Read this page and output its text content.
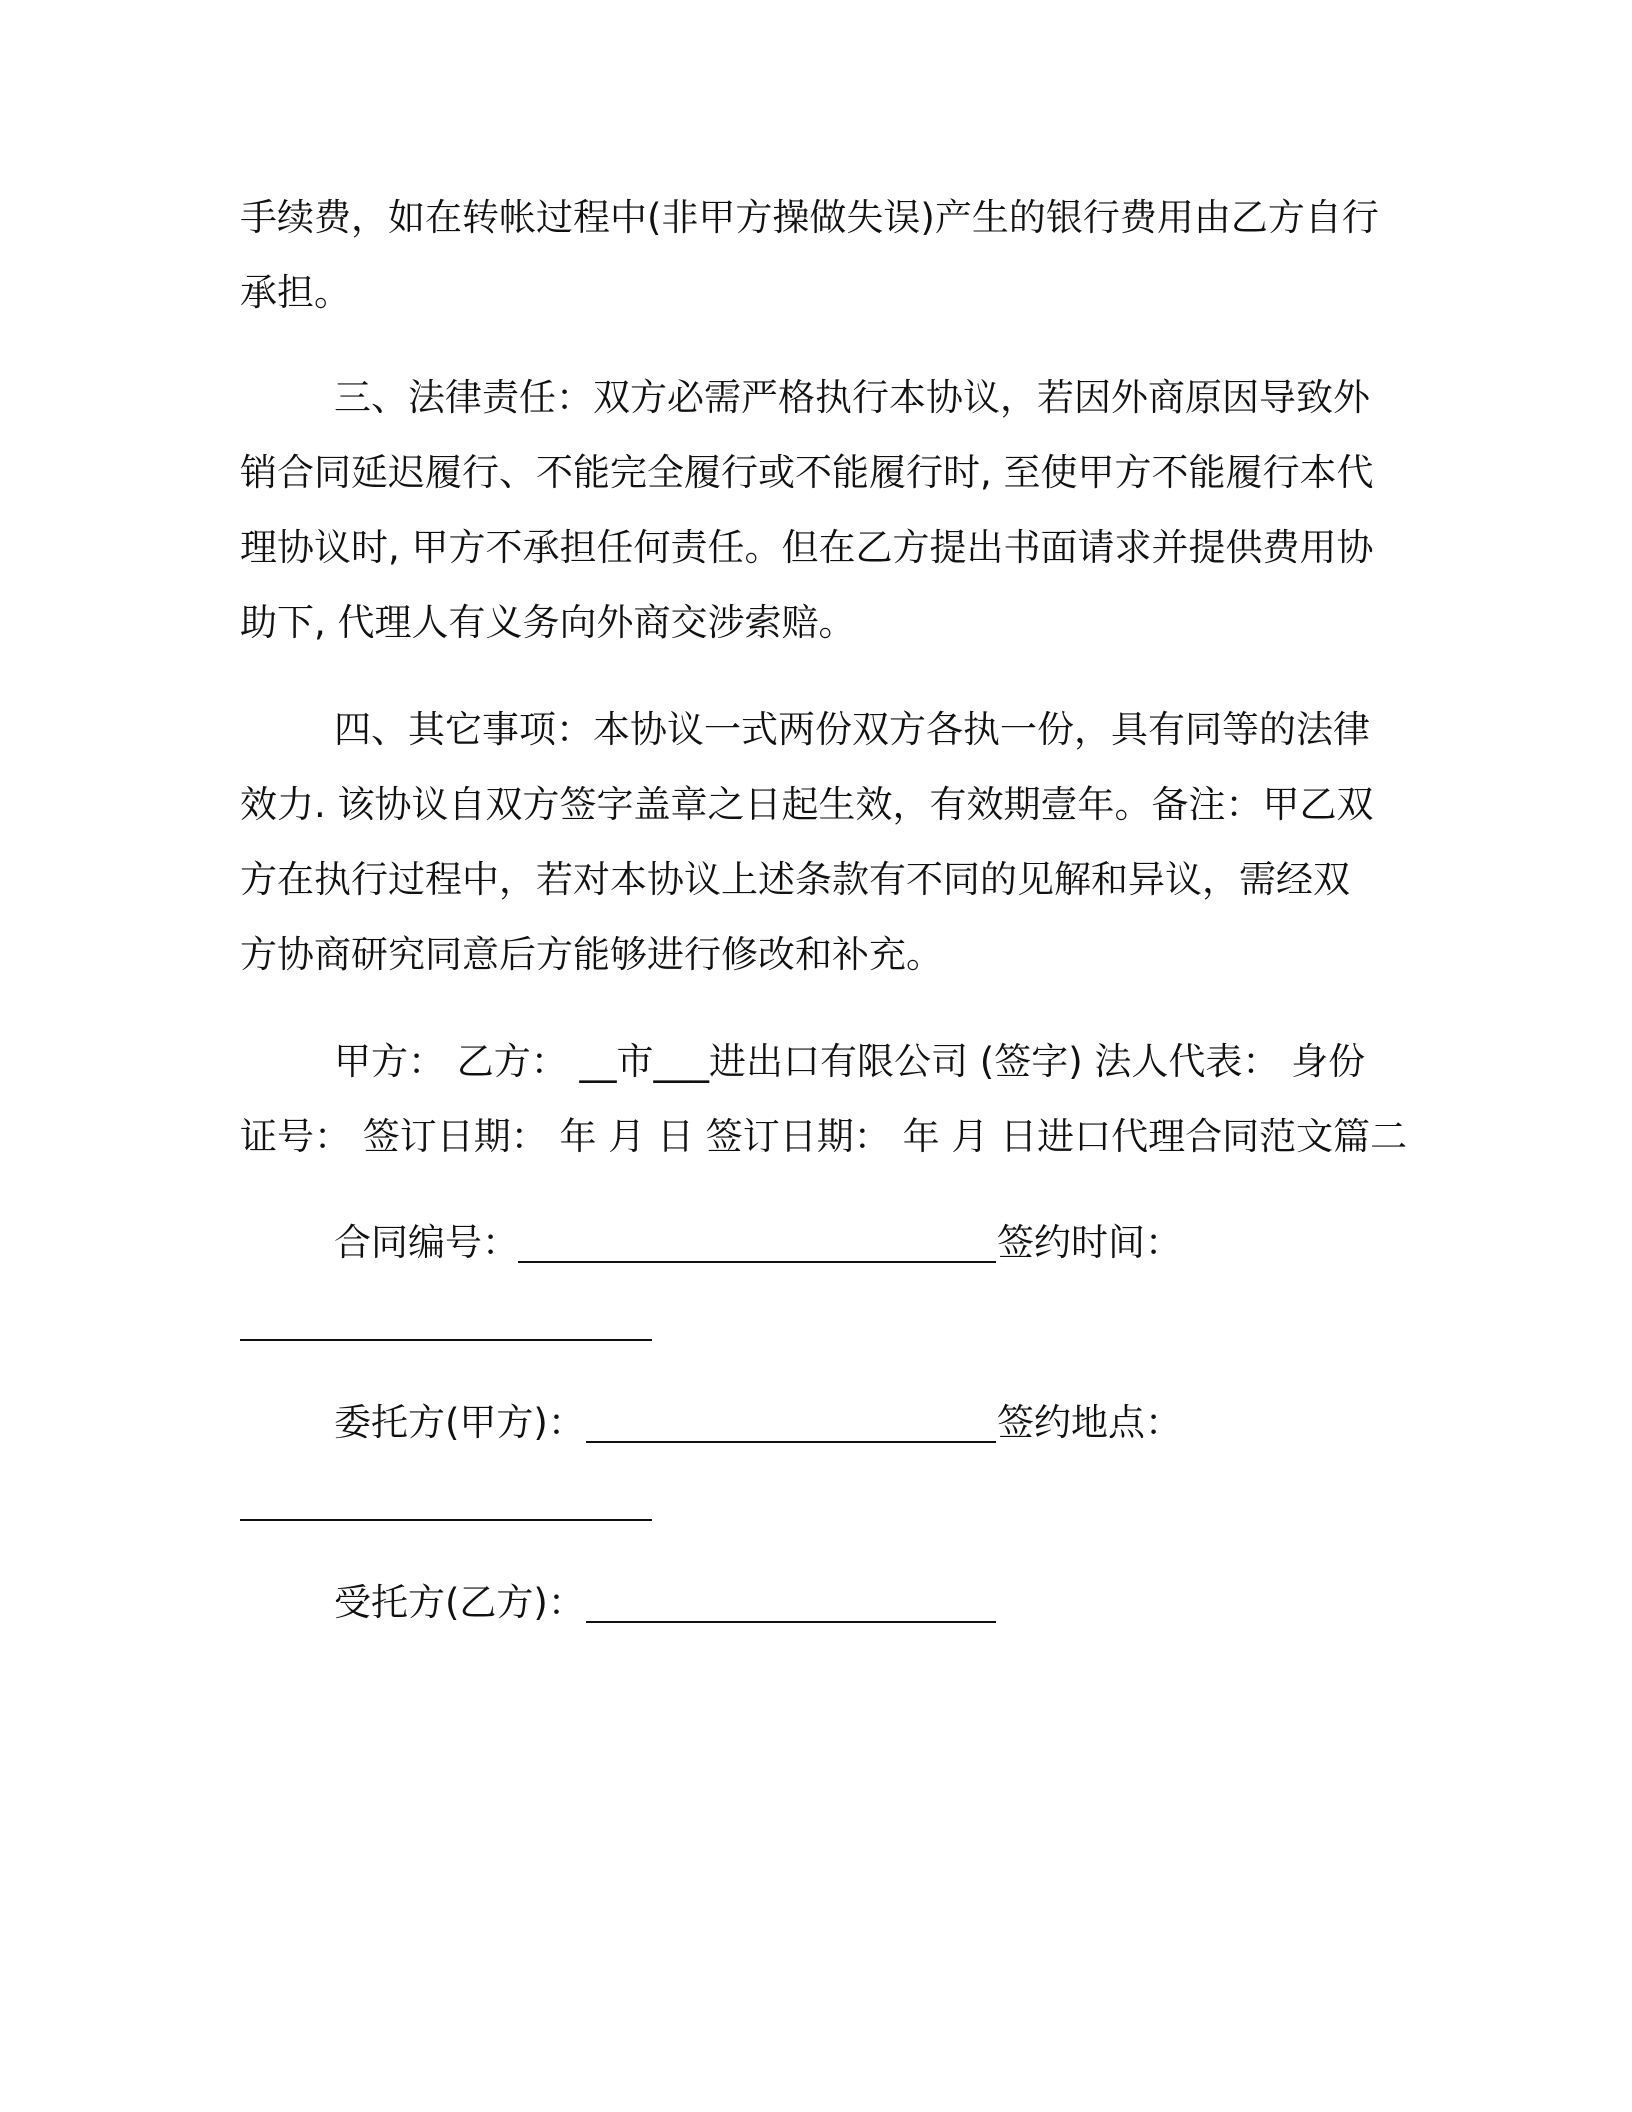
手续费，如在转帐过程中(非甲方操做失误)产生的银行费用由乙方自行
承担。
三、法律责任：双方必需严格执行本协议，若因外商原因导致外
销合同延迟履行、不能完全履行或不能履行时, 至使甲方不能履行本代
理协议时, 甲方不承担任何责任。但在乙方提出书面请求并提供费用协
助下, 代理人有义务向外商交涉索赔。
四、其它事项：本协议一式两份双方各执一份，具有同等的法律
效力. 该协议自双方签字盖章之日起生效，有效期壹年。备注：甲乙双
方在执行过程中，若对本协议上述条款有不同的见解和异议，需经双
方协商研究同意后方能够进行修改和补充。
甲方： 乙方： __市___进出口有限公司 (签字) 法人代表： 身份
证号： 签订日期： 年 月 日 签订日期： 年 月 日进口代理合同范文篇二
合同编号：	签约时间：
委托方(甲方)：	签约地点：
受托方(乙方)：
